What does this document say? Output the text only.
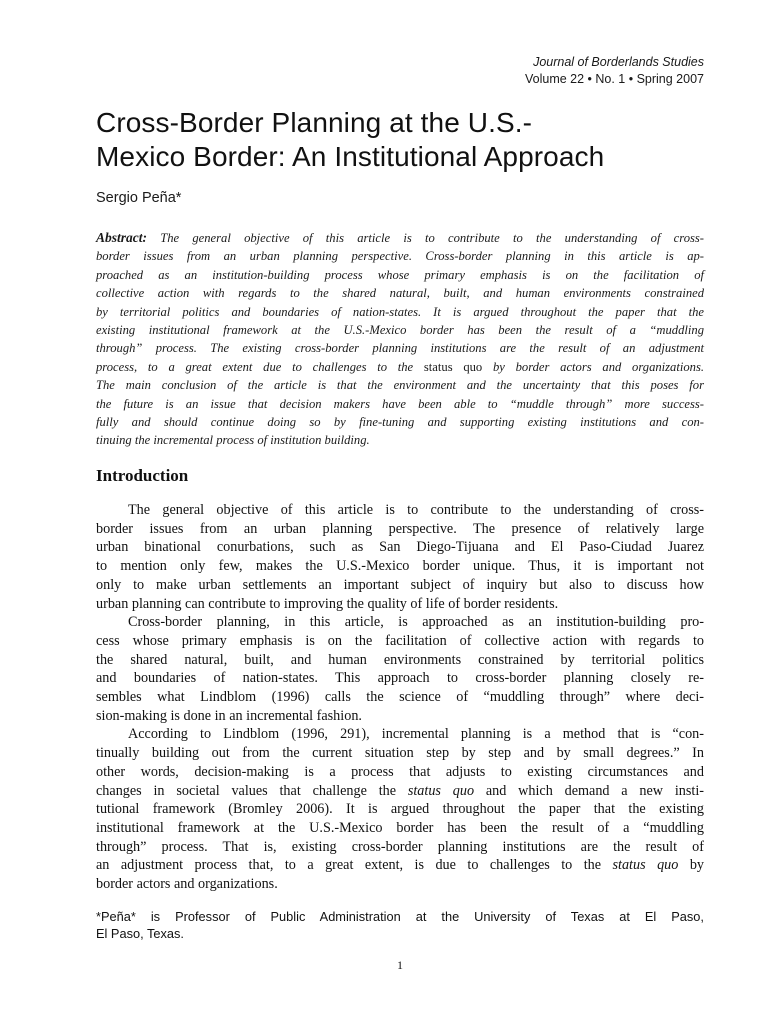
Journal of Borderlands Studies
Volume 22 • No. 1 • Spring 2007
Cross-Border Planning at the U.S.-
Mexico Border: An Institutional Approach
Sergio Peña*
Abstract: The general objective of this article is to contribute to the understanding of cross-
border issues from an urban planning perspective. Cross-border planning in this article is ap-
proached as an institution-building process whose primary emphasis is on the facilitation of
collective action with regards to the shared natural, built, and human environments constrained
by territorial politics and boundaries of nation-states. It is argued throughout the paper that the
existing institutional framework at the U.S.-Mexico border has been the result of a “muddling
through” process. The existing cross-border planning institutions are the result of an adjustment
process, to a great extent due to challenges to the status quo by border actors and organizations.
The main conclusion of the article is that the environment and the uncertainty that this poses for
the future is an issue that decision makers have been able to “muddle through” more success-
fully and should continue doing so by fine-tuning and supporting existing institutions and con-
tinuing the incremental process of institution building.
Introduction
The general objective of this article is to contribute to the understanding of cross-
border issues from an urban planning perspective. The presence of relatively large
urban binational conurbations, such as San Diego-Tijuana and El Paso-Ciudad Juarez
to mention only few, makes the U.S.-Mexico border unique. Thus, it is important not
only to make urban settlements an important subject of inquiry but also to discuss how
urban planning can contribute to improving the quality of life of border residents.
Cross-border planning, in this article, is approached as an institution-building pro-
cess whose primary emphasis is on the facilitation of collective action with regards to
the shared natural, built, and human environments constrained by territorial politics
and boundaries of nation-states. This approach to cross-border planning closely re-
sembles what Lindblom (1996) calls the science of “muddling through” where deci-
sion-making is done in an incremental fashion.
According to Lindblom (1996, 291), incremental planning is a method that is “con-
tinually building out from the current situation step by step and by small degrees.” In
other words, decision-making is a process that adjusts to existing circumstances and
changes in societal values that challenge the status quo and which demand a new insti-
tutional framework (Bromley 2006). It is argued throughout the paper that the existing
institutional framework at the U.S.-Mexico border has been the result of a “muddling
through” process. That is, existing cross-border planning institutions are the result of
an adjustment process that, to a great extent, is due to challenges to the status quo by
border actors and organizations.
*Peña* is Professor of Public Administration at the University of Texas at El Paso,
El Paso, Texas.
1
